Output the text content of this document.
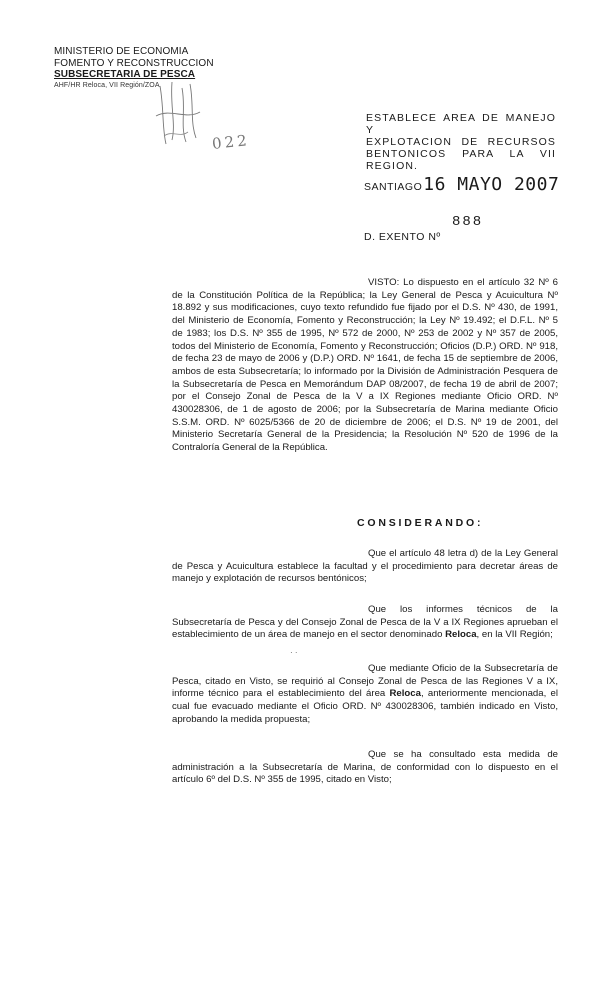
MINISTERIO DE ECONOMIA
FOMENTO Y RECONSTRUCCION
SUBSECRETARIA DE PESCA
AHF/HR Reloca, VII Región/ZOA
022
ESTABLECE AREA DE MANEJO Y
EXPLOTACION DE RECURSOS
BENTONICOS PARA LA VII REGION.
SANTIAGO16 MAYO 2007
888
D. EXENTO Nº
VISTO: Lo dispuesto en el artículo 32 Nº 6 de la Constitución Política de la República; la Ley General de Pesca y Acuicultura Nº 18.892 y sus modificaciones, cuyo texto refundido fue fijado por el D.S. Nº 430, de 1991, del Ministerio de Economía, Fomento y Reconstrucción; la Ley Nº 19.492; el D.F.L. Nº 5 de 1983; los D.S. Nº 355 de 1995, Nº 572 de 2000, Nº 253 de 2002 y Nº 357 de 2005, todos del Ministerio de Economía, Fomento y Reconstrucción; Oficios (D.P.) ORD. Nº 918, de fecha 23 de mayo de 2006 y (D.P.) ORD. Nº 1641, de fecha 15 de septiembre de 2006, ambos de esta Subsecretaría; lo informado por la División de Administración Pesquera de la Subsecretaría de Pesca en Memorándum DAP 08/2007, de fecha 19 de abril de 2007; por el Consejo Zonal de Pesca de la V a IX Regiones mediante Oficio ORD. Nº 430028306, de 1 de agosto de 2006; por la Subsecretaría de Marina mediante Oficio S.S.M. ORD. Nº 6025/5366 de 20 de diciembre de 2006; el D.S. Nº 19 de 2001, del Ministerio Secretaría General de la Presidencia; la Resolución Nº 520 de 1996 de la Contraloría General de la República.
CONSIDERANDO:
Que el artículo 48 letra d) de la Ley General de Pesca y Acuicultura establece la facultad y el procedimiento para decretar áreas de manejo y explotación de recursos bentónicos;
Que los informes técnicos de la Subsecretaría de Pesca y del Consejo Zonal de Pesca de la V a IX Regiones aprueban el establecimiento de un área de manejo en el sector denominado Reloca, en la VII Región;
· ·
Que mediante Oficio de la Subsecretaría de Pesca, citado en Visto, se requirió al Consejo Zonal de Pesca de las Regiones V a IX, informe técnico para el establecimiento del área Reloca, anteriormente mencionada, el cual fue evacuado mediante el Oficio ORD. Nº 430028306, también indicado en Visto, aprobando la medida propuesta;
Que se ha consultado esta medida de administración a la Subsecretaría de Marina, de conformidad con lo dispuesto en el artículo 6º del D.S. Nº 355 de 1995, citado en Visto;
